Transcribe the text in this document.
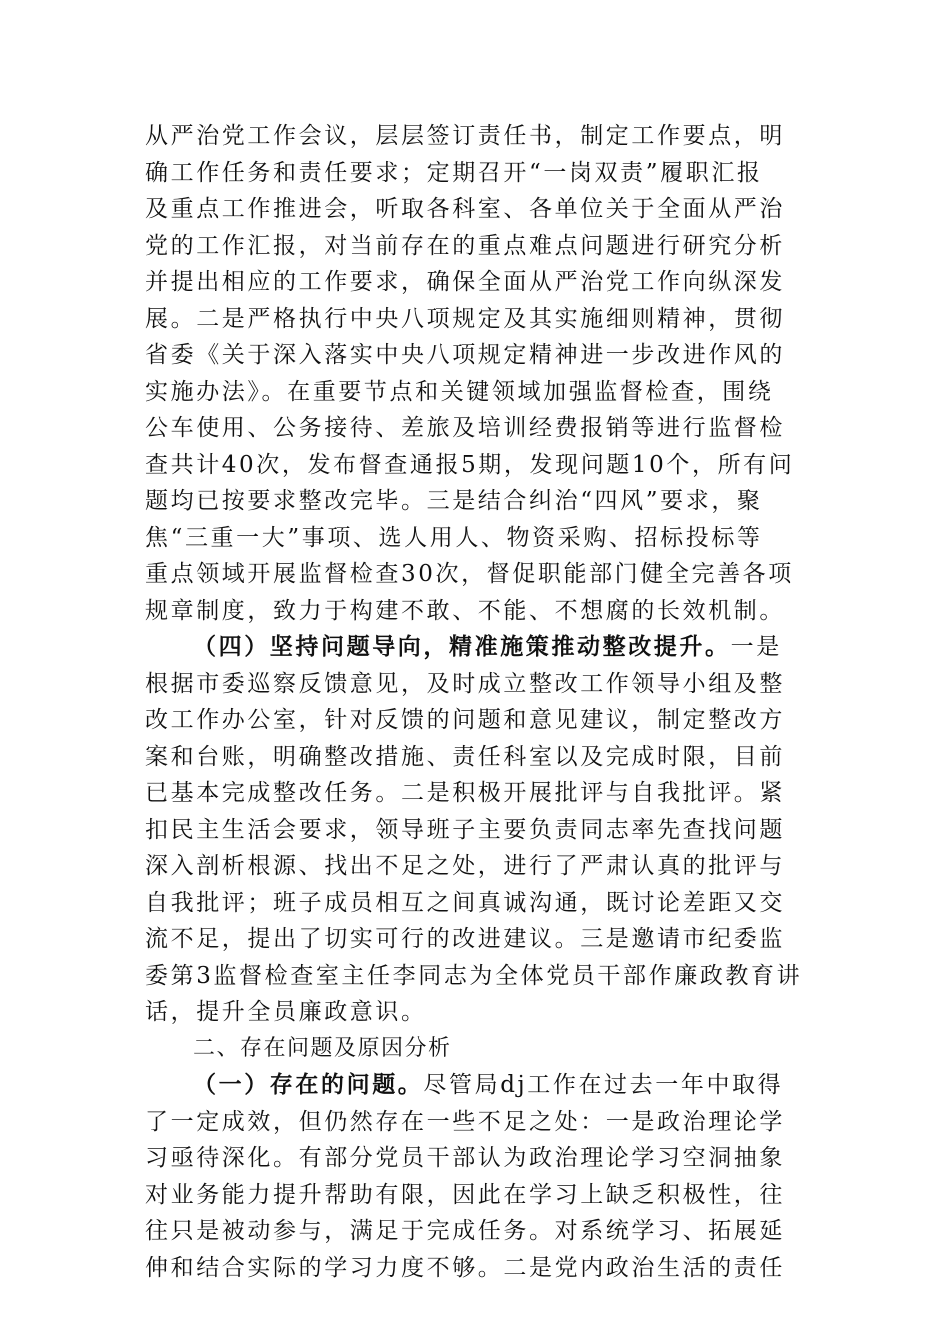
从严治党工作会议，层层签订责任书，制定工作要点，明
确工作任务和责任要求；定期召开“一岗双责”履职汇报
及重点工作推进会，听取各科室、各单位关于全面从严治
党的工作汇报，对当前存在的重点难点问题进行研究分析
并提出相应的工作要求，确保全面从严治党工作向纵深发
展。二是严格执行中央八项规定及其实施细则精神，贯彻
省委《关于深入落实中央八项规定精神进一步改进作风的
实施办法》。在重要节点和关键领域加强监督检查，围绕
公车使用、公务接待、差旅及培训经费报销等进行监督检
查共计40次，发布督查通报5期，发现问题10个，所有问
题均已按要求整改完毕。三是结合纠治“四风”要求，聚
焦“三重一大”事项、选人用人、物资采购、招标投标等
重点领域开展监督检查30次，督促职能部门健全完善各项
规章制度，致力于构建不敢、不能、不想腐的长效机制。
（四）坚持问题导向，精准施策推动整改提升。一是
根据市委巡察反馈意见，及时成立整改工作领导小组及整
改工作办公室，针对反馈的问题和意见建议，制定整改方
案和台账，明确整改措施、责任科室以及完成时限，目前
已基本完成整改任务。二是积极开展批评与自我批评。紧
扣民主生活会要求，领导班子主要负责同志率先查找问题
深入剖析根源、找出不足之处，进行了严肃认真的批评与
自我批评；班子成员相互之间真诚沟通，既讨论差距又交
流不足，提出了切实可行的改进建议。三是邀请市纪委监
委第3监督检查室主任李同志为全体党员干部作廉政教育讲
话，提升全员廉政意识。
二、存在问题及原因分析
（一）存在的问题。尽管局dj工作在过去一年中取得
了一定成效，但仍然存在一些不足之处：一是政治理论学
习亟待深化。有部分党员干部认为政治理论学习空洞抽象
对业务能力提升帮助有限，因此在学习上缺乏积极性，往
往只是被动参与，满足于完成任务。对系统学习、拓展延
伸和结合实际的学习力度不够。二是党内政治生活的责任
